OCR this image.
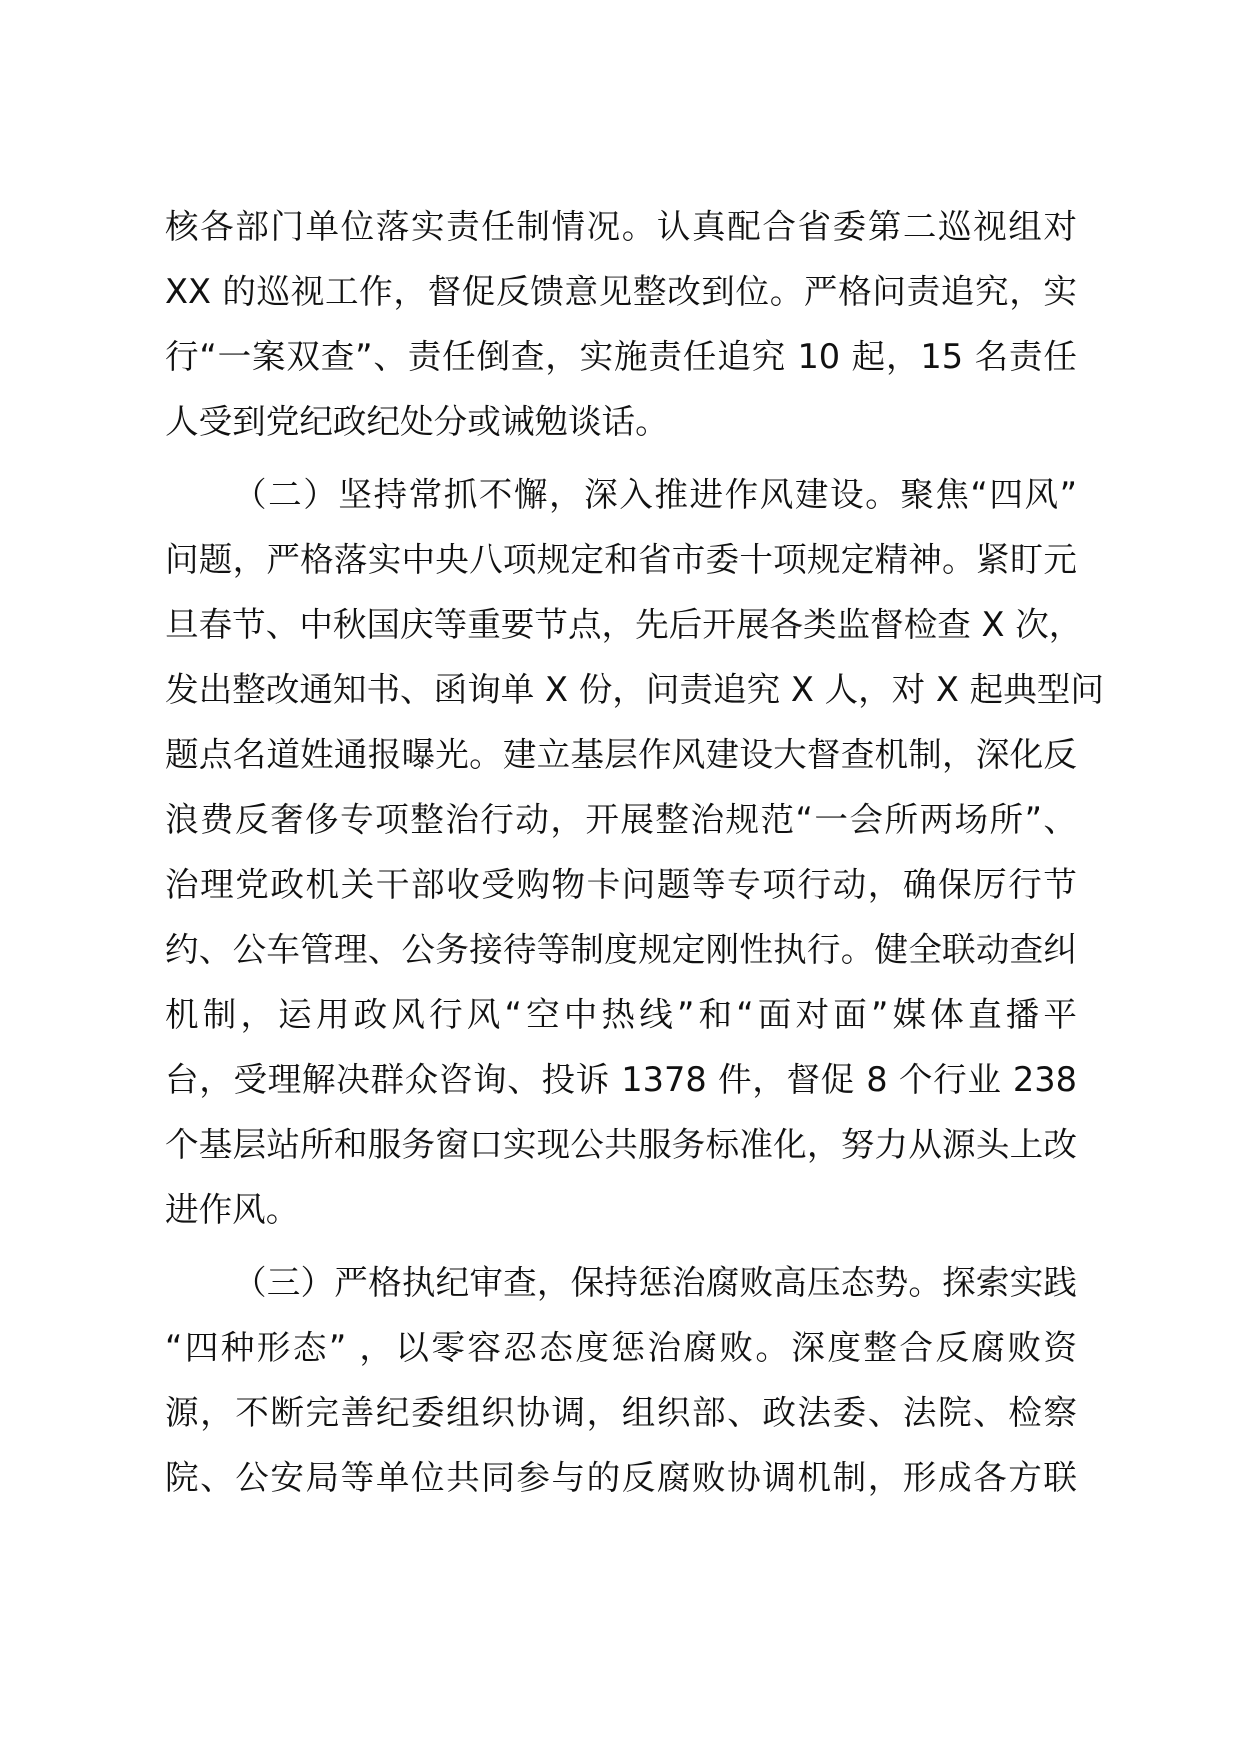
核各部门单位落实责任制情况。认真配合省委第二巡视组对
XX 的巡视工作，督促反馈意见整改到位。严格问责追究，实
行“一案双查”、责任倒查，实施责任追究 10 起，15 名责任
人受到党纪政纪处分或诫勉谈话。
（二）坚持常抓不懈，深入推进作风建设。聚焦“四风”
问题，严格落实中央八项规定和省市委十项规定精神。紧盯元
旦春节、中秋国庆等重要节点，先后开展各类监督检查 X 次，
发出整改通知书、函询单 X 份，问责追究 X 人，对 X 起典型问
题点名道姓通报曝光。建立基层作风建设大督查机制，深化反
浪费反奢侈专项整治行动，开展整治规范“一会所两场所”、
治理党政机关干部收受购物卡问题等专项行动，确保厉行节
约、公车管理、公务接待等制度规定刚性执行。健全联动查纠
机制，运用政风行风“空中热线”和“面对面”媒体直播平
台，受理解决群众咨询、投诉 1378 件，督促 8 个行业 238
个基层站所和服务窗口实现公共服务标准化，努力从源头上改
进作风。
（三）严格执纪审查，保持惩治腐败高压态势。探索实践
“四种形态” ，以零容忍态度惩治腐败。深度整合反腐败资
源，不断完善纪委组织协调，组织部、政法委、法院、检察
院、公安局等单位共同参与的反腐败协调机制，形成各方联
